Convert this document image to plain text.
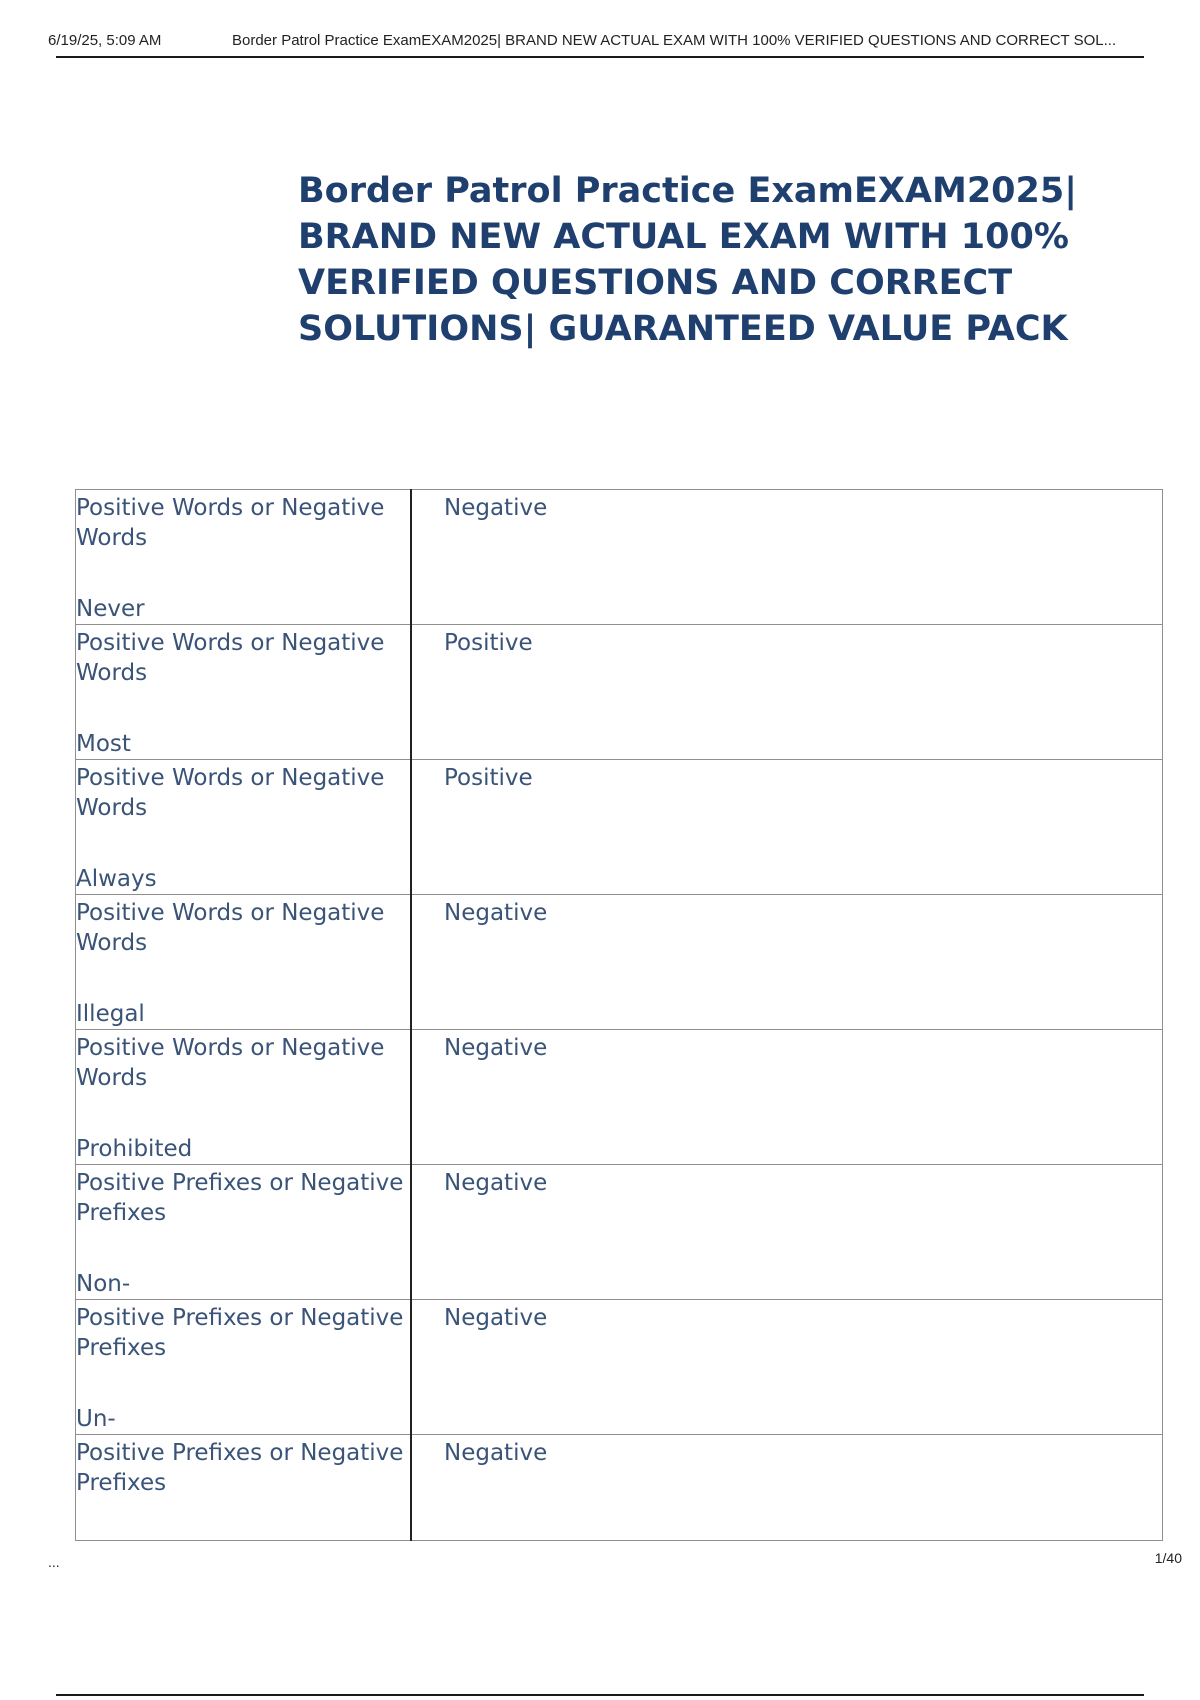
6/19/25, 5:09 AM	Border Patrol Practice ExamEXAM2025| BRAND NEW ACTUAL EXAM WITH 100% VERIFIED QUESTIONS AND CORRECT SOL...
Border Patrol Practice ExamEXAM2025| BRAND NEW ACTUAL EXAM WITH 100% VERIFIED QUESTIONS AND CORRECT SOLUTIONS| GUARANTEED VALUE PACK
Positive Words or Negative Words
Never	Negative

Positive Words or Negative Words
Most	Positive

Positive Words or Negative Words
Always	Positive

Positive Words or Negative Words
Illegal	Negative

Positive Words or Negative Words
Prohibited	Negative

Positive Prefixes or Negative Prefixes
Non-	Negative

Positive Prefixes or Negative Prefixes
Un-	Negative

Positive Prefixes or Negative Prefixes	Negative
...	1/40
